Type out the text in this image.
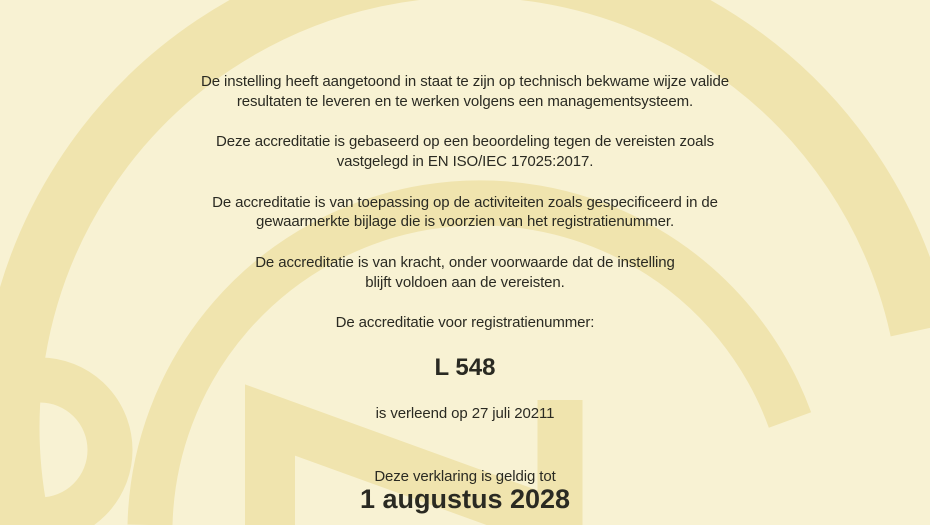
De instelling heeft aangetoond in staat te zijn op technisch bekwame wijze valide
resultaten te leveren en te werken volgens een managementsysteem.
Deze accreditatie is gebaseerd op een beoordeling tegen de vereisten zoals
vastgelegd in EN ISO/IEC 17025:2017.
De accreditatie is van toepassing op de activiteiten zoals gespecificeerd in de
gewaarmerkte bijlage die is voorzien van het registratienummer.
De accreditatie is van kracht, onder voorwaarde dat de instelling
blijft voldoen aan de vereisten.
De accreditatie voor registratienummer:
L 548
is verleend op 27 juli 20211
Deze verklaring is geldig tot
1 augustus 2028
